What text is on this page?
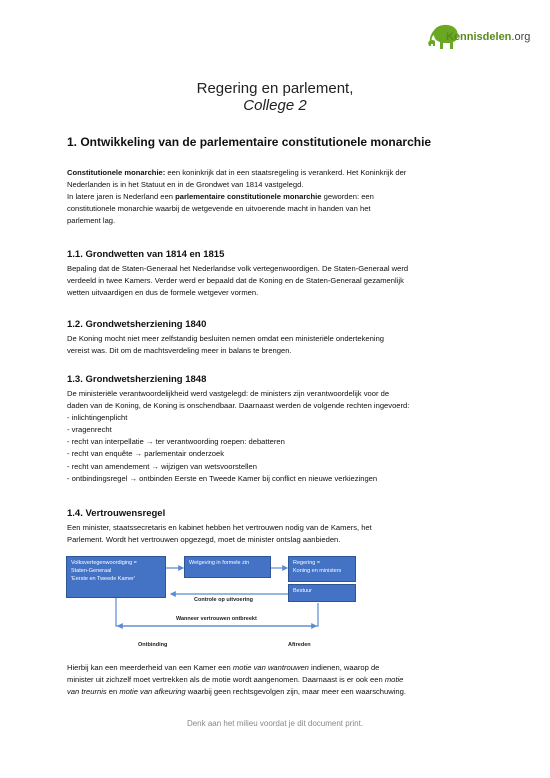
Kennisdelen.org
Regering en parlement,
College 2
1. Ontwikkeling van de parlementaire constitutionele monarchie
Constitutionele monarchie: een koninkrijk dat in een staatsregeling is verankerd. Het Koninkrijk der
Nederlanden is in het Statuut en in de Grondwet van 1814 vastgelegd.
In latere jaren is Nederland een parlementaire constitutionele monarchie geworden: een
constitutionele monarchie waarbij de wetgevende en uitvoerende macht in handen van het
parlement lag.
1.1. Grondwetten van 1814 en 1815
Bepaling dat de Staten-Generaal het Nederlandse volk vertegenwoordigen. De Staten-Generaal werd
verdeeld in twee Kamers. Verder werd er bepaald dat de Koning en de Staten-Generaal gezamenlijk
wetten uitvaardigen en dus de formele wetgever vormen.
1.2. Grondwetsherziening 1840
De Koning mocht niet meer zelfstandig besluiten nemen omdat een ministeriële ondertekening
vereist was. Dit om de machtsverdeling meer in balans te brengen.
1.3. Grondwetsherziening 1848
De ministeriële verantwoordelijkheid werd vastgelegd: de ministers zijn verantwoordelijk voor de
daden van de Koning, de Koning is onschendbaar. Daarnaast werden de volgende rechten ingevoerd:
- inlichtingenplicht
- vragenrecht
- recht van interpellatie → ter verantwoording roepen: debatteren
- recht van enquête → parlementair onderzoek
- recht van amendement → wijzigen van wetsvoorstellen
- ontbindingsregel → ontbinden Eerste en Tweede Kamer bij conflict en nieuwe verkiezingen
1.4. Vertrouwensregel
Een minister, staatssecretaris en kabinet hebben het vertrouwen nodig van de Kamers, het
Parlement. Wordt het vertrouwen opgezegd, moet de minister ontslag aanbieden.
Volksvertegenwoordiging =
Staten-Generaal
'Eerste en Tweede Kamer'
Wetgeving in formele zin	Regering =
Koning en ministers
Bestuur
Controle op uitvoering
Wanneer vertrouwen ontbreekt
Ontbinding	Aftreden
Hierbij kan een meerderheid van een Kamer een motie van wantrouwen indienen, waarop de
minister uit zichzelf moet vertrekken als de motie wordt aangenomen. Daarnaast is er ook een motie
van treurnis en motie van afkeuring waarbij geen rechtsgevolgen zijn, maar meer een waarschuwing.
Denk aan het milieu voordat je dit document print.
